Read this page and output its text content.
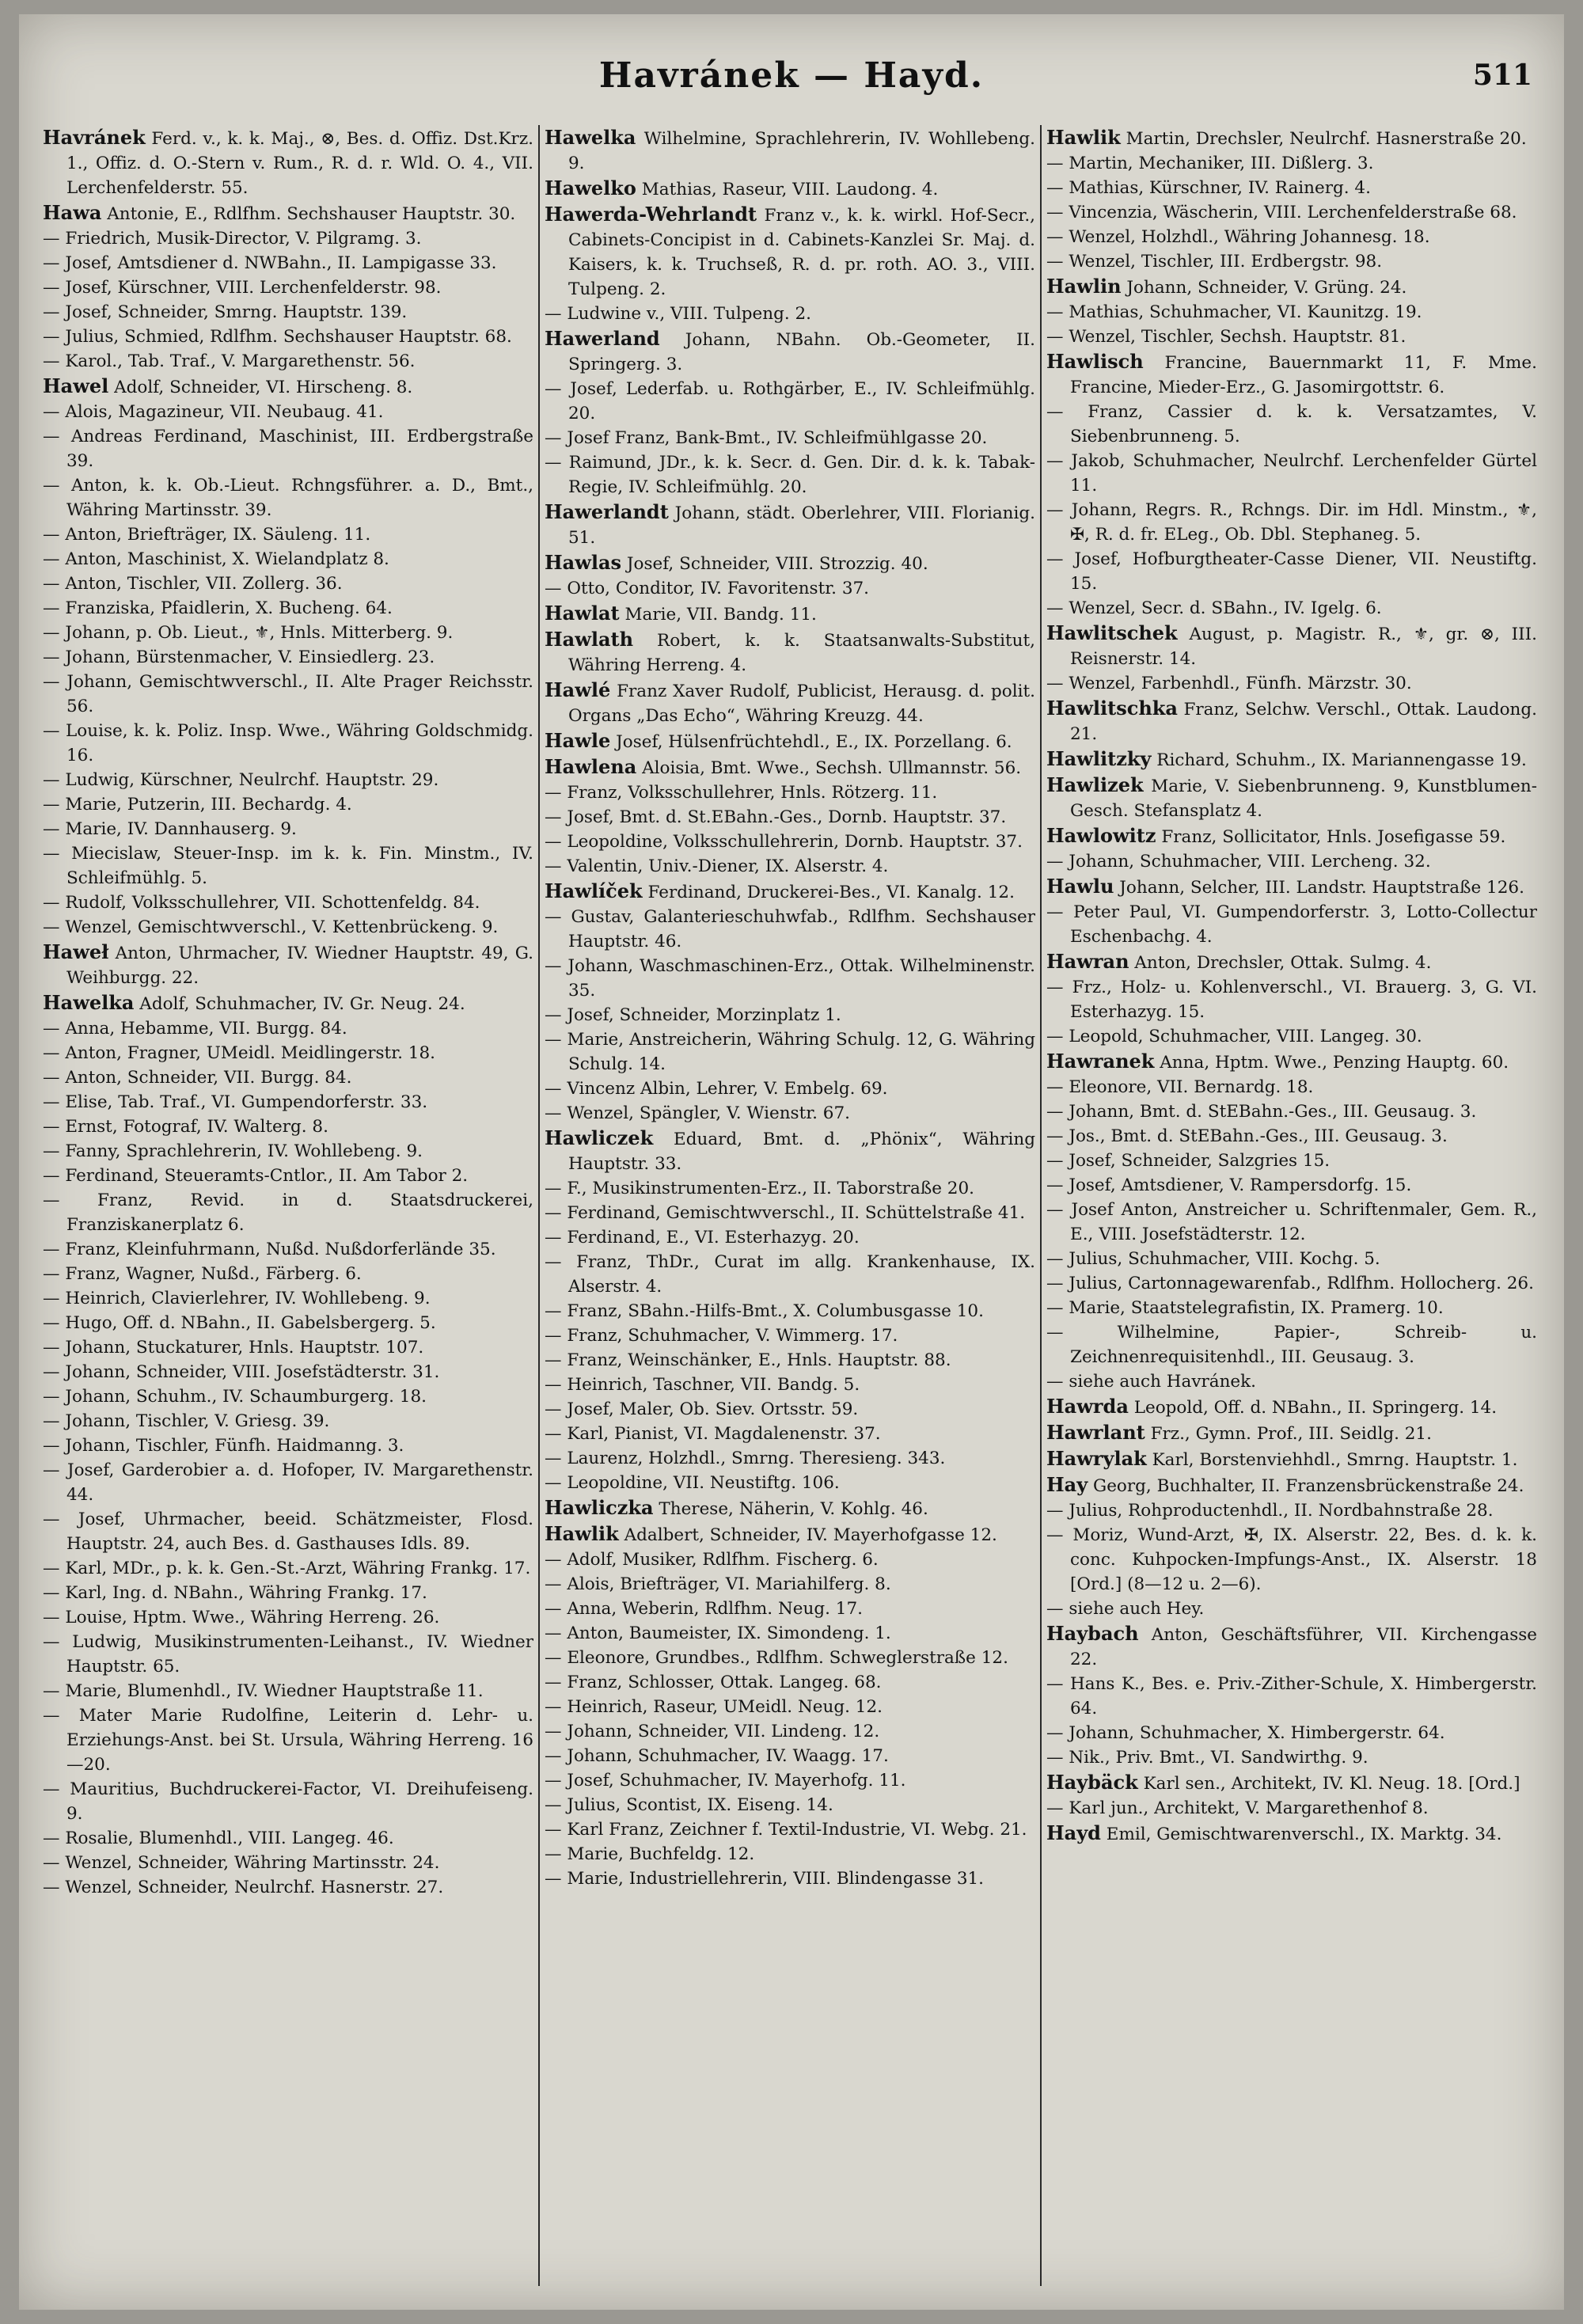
Havránek — Hayd.	511
Havránek Ferd. v., k. k. Maj., ⊗, Bes. d. Offiz. Dst.Krz. 1., Offiz. d. O.-Stern v. Rum., R. d. r. Wld. O. 4., VII. Lerchenfelderstr. 55.
Hawa Antonie, E., Rdlfhm. Sechshauser Hauptstr. 30.
— Friedrich, Musik-Director, V. Pilgramg. 3.
— Josef, Amtsdiener d. NWBahn., II. Lampigasse 33.
— Josef, Kürschner, VIII. Lerchenfelderstr. 98.
— Josef, Schneider, Smrng. Hauptstr. 139.
— Julius, Schmied, Rdlfhm. Sechshauser Hauptstr. 68.
— Karol., Tab. Traf., V. Margarethenstr. 56.
Hawel Adolf, Schneider, VI. Hirscheng. 8.
— Alois, Magazineur, VII. Neubaug. 41.
— Andreas Ferdinand, Maschinist, III. Erdbergstraße 39.
— Anton, k. k. Ob.-Lieut. Rchngsführer. a. D., Bmt., Währing Martinsstr. 39.
— Anton, Briefträger, IX. Säuleng. 11.
— Anton, Maschinist, X. Wielandplatz 8.
— Anton, Tischler, VII. Zollerg. 36.
— Franziska, Pfaidlerin, X. Bucheng. 64.
— Johann, p. Ob. Lieut., ⚜, Hnls. Mitterberg. 9.
— Johann, Bürstenmacher, V. Einsiedlerg. 23.
— Johann, Gemischtwverschl., II. Alte Prager Reichsstr. 56.
— Louise, k. k. Poliz. Insp. Wwe., Währing Goldschmidg. 16.
— Ludwig, Kürschner, Neulrchf. Hauptstr. 29.
— Marie, Putzerin, III. Bechardg. 4.
— Marie, IV. Dannhauserg. 9.
— Miecislaw, Steuer-Insp. im k. k. Fin. Minstm., IV. Schleifmühlg. 5.
— Rudolf, Volksschullehrer, VII. Schottenfeldg. 84.
— Wenzel, Gemischtwverschl., V. Kettenbrückeng. 9.
Haweł Anton, Uhrmacher, IV. Wiedner Hauptstr. 49, G. Weihburgg. 22.
Hawelka Adolf, Schuhmacher, IV. Gr. Neug. 24.
— Anna, Hebamme, VII. Burgg. 84.
— Anton, Fragner, UMeidl. Meidlingerstr. 18.
— Anton, Schneider, VII. Burgg. 84.
— Elise, Tab. Traf., VI. Gumpendorferstr. 33.
— Ernst, Fotograf, IV. Walterg. 8.
— Fanny, Sprachlehrerin, IV. Wohllebeng. 9.
— Ferdinand, Steueramts-Cntlor., II. Am Tabor 2.
— Franz, Revid. in d. Staatsdruckerei, Franziskanerplatz 6.
— Franz, Kleinfuhrmann, Nußd. Nußdorferlände 35.
— Franz, Wagner, Nußd., Färberg. 6.
— Heinrich, Clavierlehrer, IV. Wohllebeng. 9.
— Hugo, Off. d. NBahn., II. Gabelsbergerg. 5.
— Johann, Stuckaturer, Hnls. Hauptstr. 107.
— Johann, Schneider, VIII. Josefstädterstr. 31.
— Johann, Schuhm., IV. Schaumburgerg. 18.
— Johann, Tischler, V. Griesg. 39.
— Johann, Tischler, Fünfh. Haidmanng. 3.
— Josef, Garderobier a. d. Hofoper, IV. Margarethenstr. 44.
— Josef, Uhrmacher, beeid. Schätzmeister, Flosd. Hauptstr. 24, auch Bes. d. Gasthauses Idls. 89.
— Karl, MDr., p. k. k. Gen.-St.-Arzt, Währing Frankg. 17.
— Karl, Ing. d. NBahn., Währing Frankg. 17.
— Louise, Hptm. Wwe., Währing Herreng. 26.
— Ludwig, Musikinstrumenten-Leihanst., IV. Wiedner Hauptstr. 65.
— Marie, Blumenhdl., IV. Wiedner Hauptstraße 11.
— Mater Marie Rudolfine, Leiterin d. Lehr- u. Erziehungs-Anst. bei St. Ursula, Währing Herreng. 16—20.
— Mauritius, Buchdruckerei-Factor, VI. Dreihufeiseng. 9.
— Rosalie, Blumenhdl., VIII. Langeg. 46.
— Wenzel, Schneider, Währing Martinsstr. 24.
— Wenzel, Schneider, Neulrchf. Hasnerstr. 27.
Hawelka Wilhelmine, Sprachlehrerin, IV. Wohllebeng. 9.
Hawelko Mathias, Raseur, VIII. Laudong. 4.
Hawerda-Wehrlandt Franz v., k. k. wirkl. Hof-Secr., Cabinets-Concipist in d. Cabinets-Kanzlei Sr. Maj. d. Kaisers, k. k. Truchseß, R. d. pr. roth. AO. 3., VIII. Tulpeng. 2.
— Ludwine v., VIII. Tulpeng. 2.
Hawerland Johann, NBahn. Ob.-Geometer, II. Springerg. 3.
— Josef, Lederfab. u. Rothgärber, E., IV. Schleifmühlg. 20.
— Josef Franz, Bank-Bmt., IV. Schleifmühlgasse 20.
— Raimund, JDr., k. k. Secr. d. Gen. Dir. d. k. k. Tabak-Regie, IV. Schleifmühlg. 20.
Hawerlandt Johann, städt. Oberlehrer, VIII. Florianig. 51.
Hawlas Josef, Schneider, VIII. Strozzig. 40.
— Otto, Conditor, IV. Favoritenstr. 37.
Hawlat Marie, VII. Bandg. 11.
Hawlath Robert, k. k. Staatsanwalts-Substitut, Währing Herreng. 4.
Hawlé Franz Xaver Rudolf, Publicist, Herausg. d. polit. Organs „Das Echo“, Währing Kreuzg. 44.
Hawle Josef, Hülsenfrüchtehdl., E., IX. Porzellang. 6.
Hawlena Aloisia, Bmt. Wwe., Sechsh. Ullmannstr. 56.
— Franz, Volksschullehrer, Hnls. Rötzerg. 11.
— Josef, Bmt. d. St.EBahn.-Ges., Dornb. Hauptstr. 37.
— Leopoldine, Volksschullehrerin, Dornb. Hauptstr. 37.
— Valentin, Univ.-Diener, IX. Alserstr. 4.
Hawlíček Ferdinand, Druckerei-Bes., VI. Kanalg. 12.
— Gustav, Galanterieschuhwfab., Rdlfhm. Sechshauser Hauptstr. 46.
— Johann, Waschmaschinen-Erz., Ottak. Wilhelminenstr. 35.
— Josef, Schneider, Morzinplatz 1.
— Marie, Anstreicherin, Währing Schulg. 12, G. Währing Schulg. 14.
— Vincenz Albin, Lehrer, V. Embelg. 69.
— Wenzel, Spängler, V. Wienstr. 67.
Hawliczek Eduard, Bmt. d. „Phönix“, Währing Hauptstr. 33.
— F., Musikinstrumenten-Erz., II. Taborstraße 20.
— Ferdinand, Gemischtwverschl., II. Schüttelstraße 41.
— Ferdinand, E., VI. Esterhazyg. 20.
— Franz, ThDr., Curat im allg. Krankenhause, IX. Alserstr. 4.
— Franz, SBahn.-Hilfs-Bmt., X. Columbusgasse 10.
— Franz, Schuhmacher, V. Wimmerg. 17.
— Franz, Weinschänker, E., Hnls. Hauptstr. 88.
— Heinrich, Taschner, VII. Bandg. 5.
— Josef, Maler, Ob. Siev. Ortsstr. 59.
— Karl, Pianist, VI. Magdalenenstr. 37.
— Laurenz, Holzhdl., Smrng. Theresieng. 343.
— Leopoldine, VII. Neustiftg. 106.
Hawliczka Therese, Näherin, V. Kohlg. 46.
Hawlik Adalbert, Schneider, IV. Mayerhofgasse 12.
— Adolf, Musiker, Rdlfhm. Fischerg. 6.
— Alois, Briefträger, VI. Mariahilferg. 8.
— Anna, Weberin, Rdlfhm. Neug. 17.
— Anton, Baumeister, IX. Simondeng. 1.
— Eleonore, Grundbes., Rdlfhm. Schweglerstraße 12.
— Franz, Schlosser, Ottak. Langeg. 68.
— Heinrich, Raseur, UMeidl. Neug. 12.
— Johann, Schneider, VII. Lindeng. 12.
— Johann, Schuhmacher, IV. Waagg. 17.
— Josef, Schuhmacher, IV. Mayerhofg. 11.
— Julius, Scontist, IX. Eiseng. 14.
— Karl Franz, Zeichner f. Textil-Industrie, VI. Webg. 21.
— Marie, Buchfeldg. 12.
— Marie, Industriellehrerin, VIII. Blindengasse 31.
Hawlik Martin, Drechsler, Neulrchf. Hasnerstraße 20.
— Martin, Mechaniker, III. Dißlerg. 3.
— Mathias, Kürschner, IV. Rainerg. 4.
— Vincenzia, Wäscherin, VIII. Lerchenfelderstraße 68.
— Wenzel, Holzhdl., Währing Johannesg. 18.
— Wenzel, Tischler, III. Erdbergstr. 98.
Hawlin Johann, Schneider, V. Grüng. 24.
— Mathias, Schuhmacher, VI. Kaunitzg. 19.
— Wenzel, Tischler, Sechsh. Hauptstr. 81.
Hawlisch Francine, Bauernmarkt 11, F. Mme. Francine, Mieder-Erz., G. Jasomirgottstr. 6.
— Franz, Cassier d. k. k. Versatzamtes, V. Siebenbrunneng. 5.
— Jakob, Schuhmacher, Neulrchf. Lerchenfelder Gürtel 11.
— Johann, Regrs. R., Rchngs. Dir. im Hdl. Minstm., ⚜, ✠, R. d. fr. ELeg., Ob. Dbl. Stephaneg. 5.
— Josef, Hofburgtheater-Casse Diener, VII. Neustiftg. 15.
— Wenzel, Secr. d. SBahn., IV. Igelg. 6.
Hawlitschek August, p. Magistr. R., ⚜, gr. ⊗, III. Reisnerstr. 14.
— Wenzel, Farbenhdl., Fünfh. Märzstr. 30.
Hawlitschka Franz, Selchw. Verschl., Ottak. Laudong. 21.
Hawlitzky Richard, Schuhm., IX. Mariannengasse 19.
Hawlizek Marie, V. Siebenbrunneng. 9, Kunstblumen-Gesch. Stefansplatz 4.
Hawlowitz Franz, Sollicitator, Hnls. Josefigasse 59.
— Johann, Schuhmacher, VIII. Lercheng. 32.
Hawlu Johann, Selcher, III. Landstr. Hauptstraße 126.
— Peter Paul, VI. Gumpendorferstr. 3, Lotto-Collectur Eschenbachg. 4.
Hawran Anton, Drechsler, Ottak. Sulmg. 4.
— Frz., Holz- u. Kohlenverschl., VI. Brauerg. 3, G. VI. Esterhazyg. 15.
— Leopold, Schuhmacher, VIII. Langeg. 30.
Hawranek Anna, Hptm. Wwe., Penzing Hauptg. 60.
— Eleonore, VII. Bernardg. 18.
— Johann, Bmt. d. StEBahn.-Ges., III. Geusaug. 3.
— Jos., Bmt. d. StEBahn.-Ges., III. Geusaug. 3.
— Josef, Schneider, Salzgries 15.
— Josef, Amtsdiener, V. Rampersdorfg. 15.
— Josef Anton, Anstreicher u. Schriftenmaler, Gem. R., E., VIII. Josefstädterstr. 12.
— Julius, Schuhmacher, VIII. Kochg. 5.
— Julius, Cartonnagewarenfab., Rdlfhm. Hollocherg. 26.
— Marie, Staatstelegrafistin, IX. Pramerg. 10.
— Wilhelmine, Papier-, Schreib- u. Zeichnenrequisitenhdl., III. Geusaug. 3.
— siehe auch Havránek.
Hawrda Leopold, Off. d. NBahn., II. Springerg. 14.
Hawrlant Frz., Gymn. Prof., III. Seidlg. 21.
Hawrylak Karl, Borstenviehhdl., Smrng. Hauptstr. 1.
Hay Georg, Buchhalter, II. Franzensbrückenstraße 24.
— Julius, Rohproductenhdl., II. Nordbahnstraße 28.
— Moriz, Wund-Arzt, ✠, IX. Alserstr. 22, Bes. d. k. k. conc. Kuhpocken-Impfungs-Anst., IX. Alserstr. 18 [Ord.] (8—12 u. 2—6).
— siehe auch Hey.
Haybach Anton, Geschäftsführer, VII. Kirchengasse 22.
— Hans K., Bes. e. Priv.-Zither-Schule, X. Himbergerstr. 64.
— Johann, Schuhmacher, X. Himbergerstr. 64.
— Nik., Priv. Bmt., VI. Sandwirthg. 9.
Haybäck Karl sen., Architekt, IV. Kl. Neug. 18. [Ord.]
— Karl jun., Architekt, V. Margarethenhof 8.
Hayd Emil, Gemischtwarenverschl., IX. Marktg. 34.
